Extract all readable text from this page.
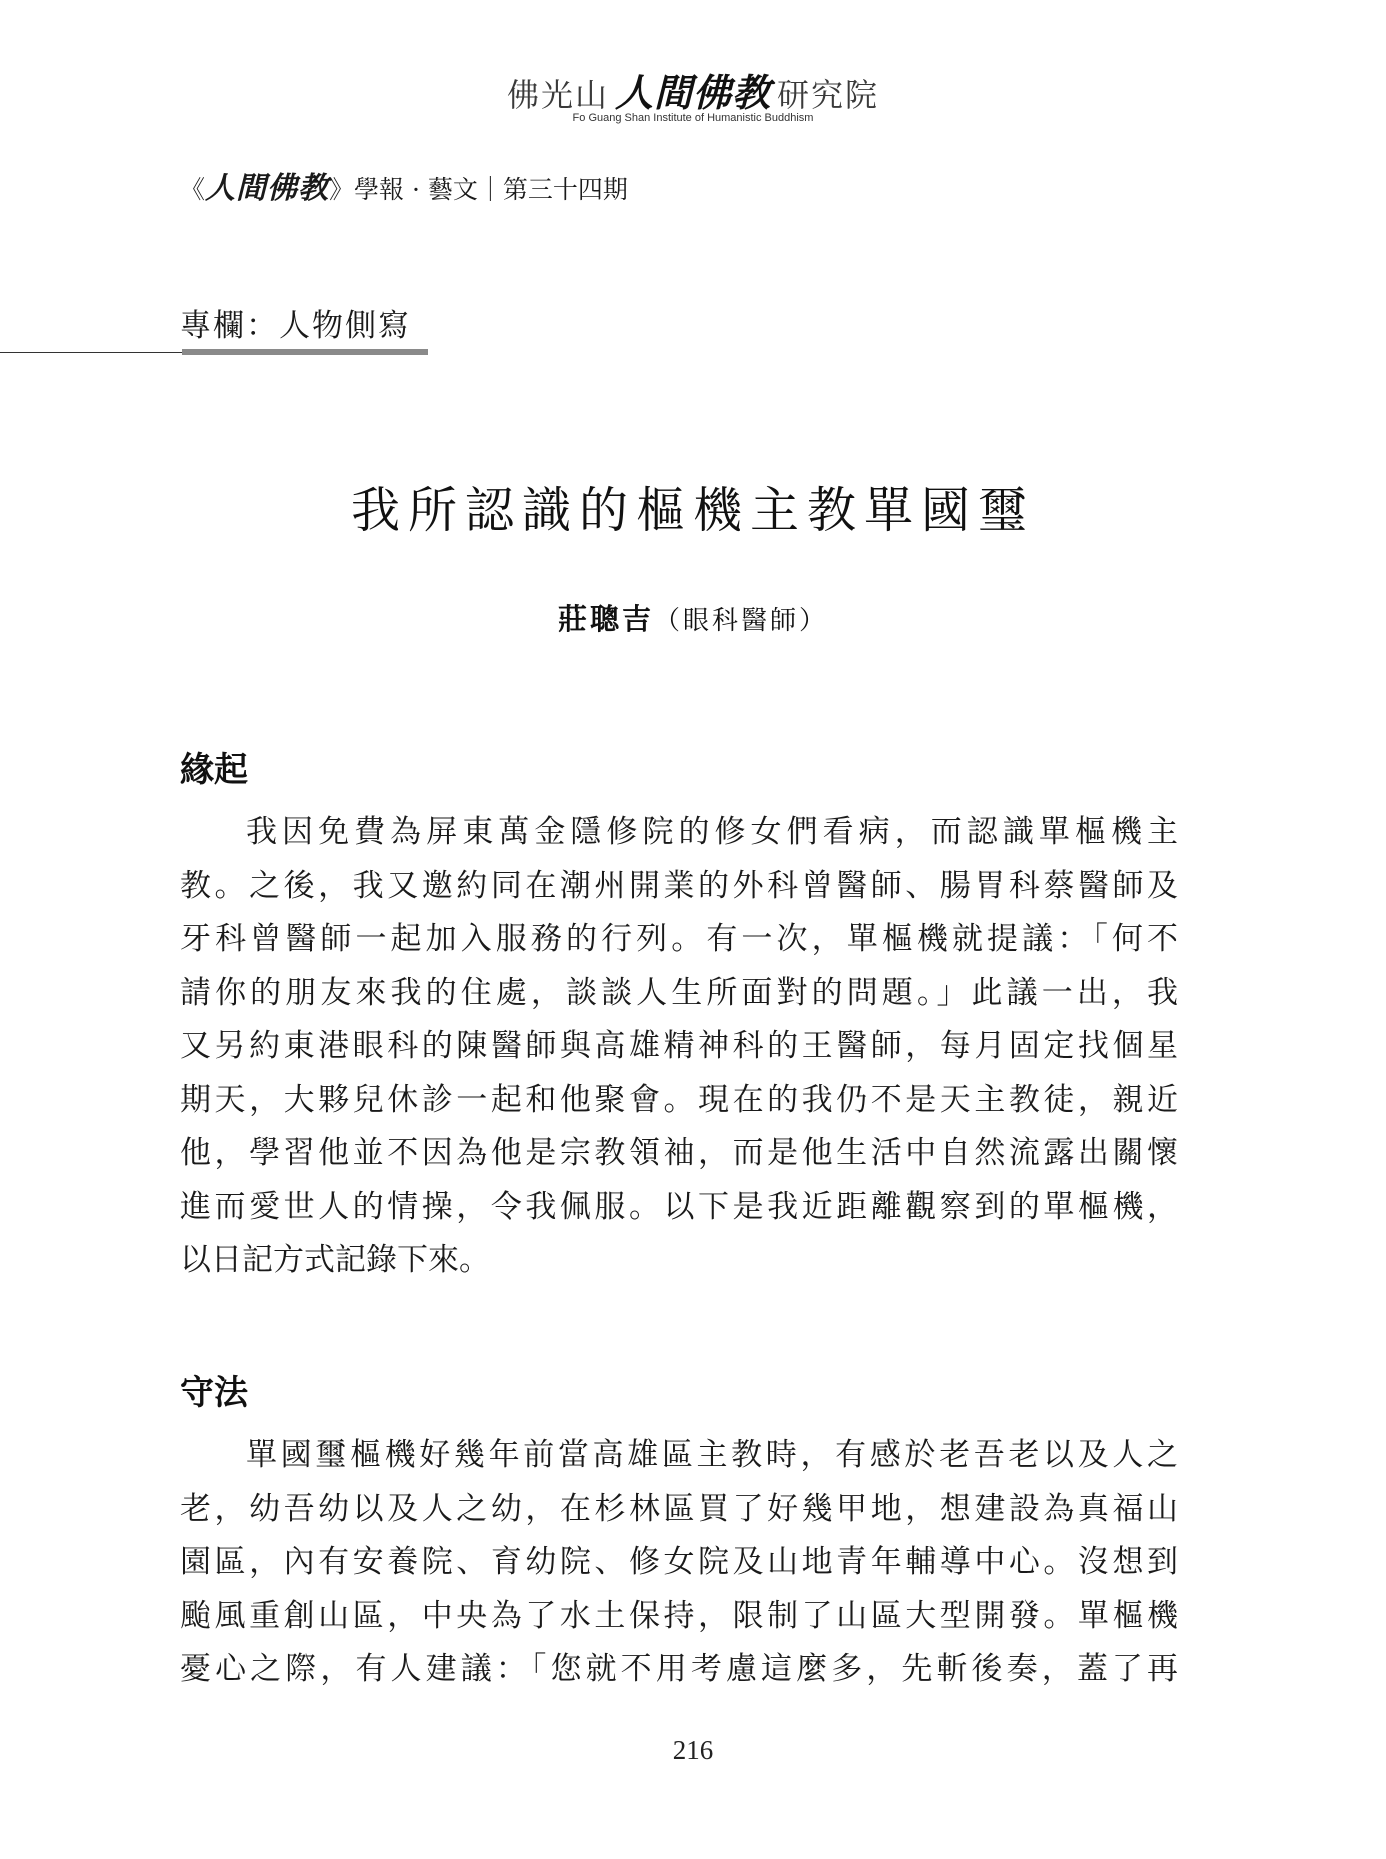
佛光山 人間佛教 研究院
Fo Guang Shan Institute of Humanistic Buddhism
《人間佛教》學報 · 藝文｜第三十四期
專欄：人物側寫
我所認識的樞機主教單國璽
莊聰吉（眼科醫師）
緣起
我因免費為屏東萬金隱修院的修女們看病，而認識單樞機主
教。之後，我又邀約同在潮州開業的外科曾醫師、腸胃科蔡醫師及
牙科曾醫師一起加入服務的行列。有一次，單樞機就提議：「何不
請你的朋友來我的住處，談談人生所面對的問題。」此議一出，我
又另約東港眼科的陳醫師與高雄精神科的王醫師，每月固定找個星
期天，大夥兒休診一起和他聚會。現在的我仍不是天主教徒，親近
他，學習他並不因為他是宗教領袖，而是他生活中自然流露出關懷
進而愛世人的情操，令我佩服。以下是我近距離觀察到的單樞機，
以日記方式記錄下來。
守法
單國璽樞機好幾年前當高雄區主教時，有感於老吾老以及人之
老，幼吾幼以及人之幼，在杉林區買了好幾甲地，想建設為真福山
園區，內有安養院、育幼院、修女院及山地青年輔導中心。沒想到
颱風重創山區，中央為了水土保持，限制了山區大型開發。單樞機
憂心之際，有人建議：「您就不用考慮這麼多，先斬後奏，蓋了再
216
